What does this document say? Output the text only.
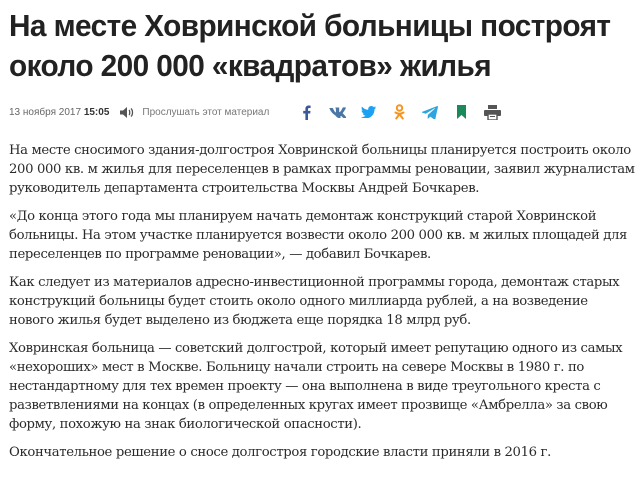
На месте Ховринской больницы построят около 200 000 «квадратов» жилья
13 ноября 2017 15:05	Прослушать этот материал

На месте сносимого здания-долгостроя Ховринской больницы планируется построить около 200 000 кв. м жилья для переселенцев в рамках программы реновации, заявил журналистам руководитель департамента строительства Москвы Андрей Бочкарев.

«До конца этого года мы планируем начать демонтаж конструкций старой Ховринской больницы. На этом участке планируется возвести около 200 000 кв. м жилых площадей для переселенцев по программе реновации», — добавил Бочкарев.

Как следует из материалов адресно-инвестиционной программы города, демонтаж старых конструкций больницы будет стоить около одного миллиарда рублей, а на возведение нового жилья будет выделено из бюджета еще порядка 18 млрд руб.

Ховринская больница — советский долгострой, который имеет репутацию одного из самых «нехороших» мест в Москве. Больницу начали строить на севере Москвы в 1980 г. по нестандартному для тех времен проекту — она выполнена в виде треугольного креста с разветвлениями на концах (в определенных кругах имеет прозвище «Амбрелла» за свою форму, похожую на знак биологической опасности).

Окончательное решение о сносе долгостроя городские власти приняли в 2016 г.
